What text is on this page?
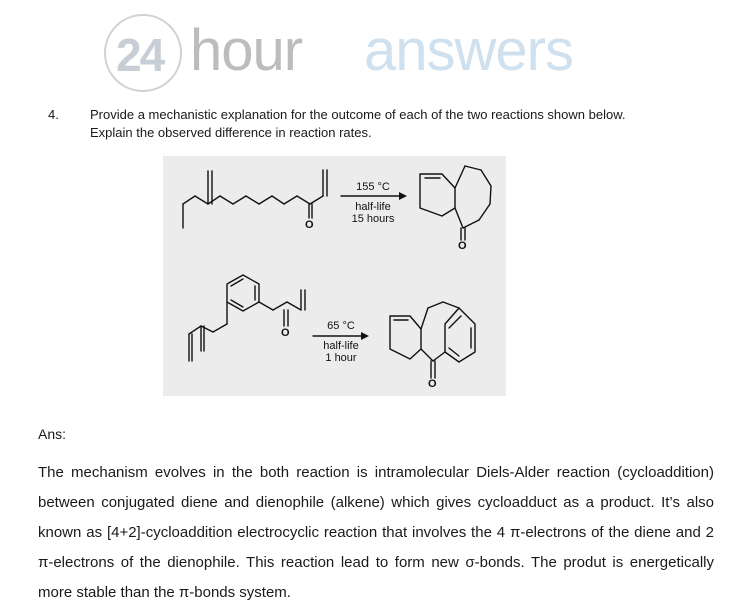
24 hour answers
4. Provide a mechanistic explanation for the outcome of each of the two reactions shown below. Explain the observed difference in reaction rates.
O
O
O
O
155 °C
half-life
15 hours
65 °C
half-life
1 hour
Ans:
The mechanism evolves in the both reaction is intramolecular Diels-Alder reaction (cycloaddition) between conjugated diene and dienophile (alkene) which gives cycloadduct as a product. It’s also known as [4+2]-cycloaddition electrocyclic reaction that involves the 4 π-electrons of the diene and 2 π-electrons of the dienophile. This reaction lead to form new σ-bonds. The produt is energetically more stable than the π-bonds system.
